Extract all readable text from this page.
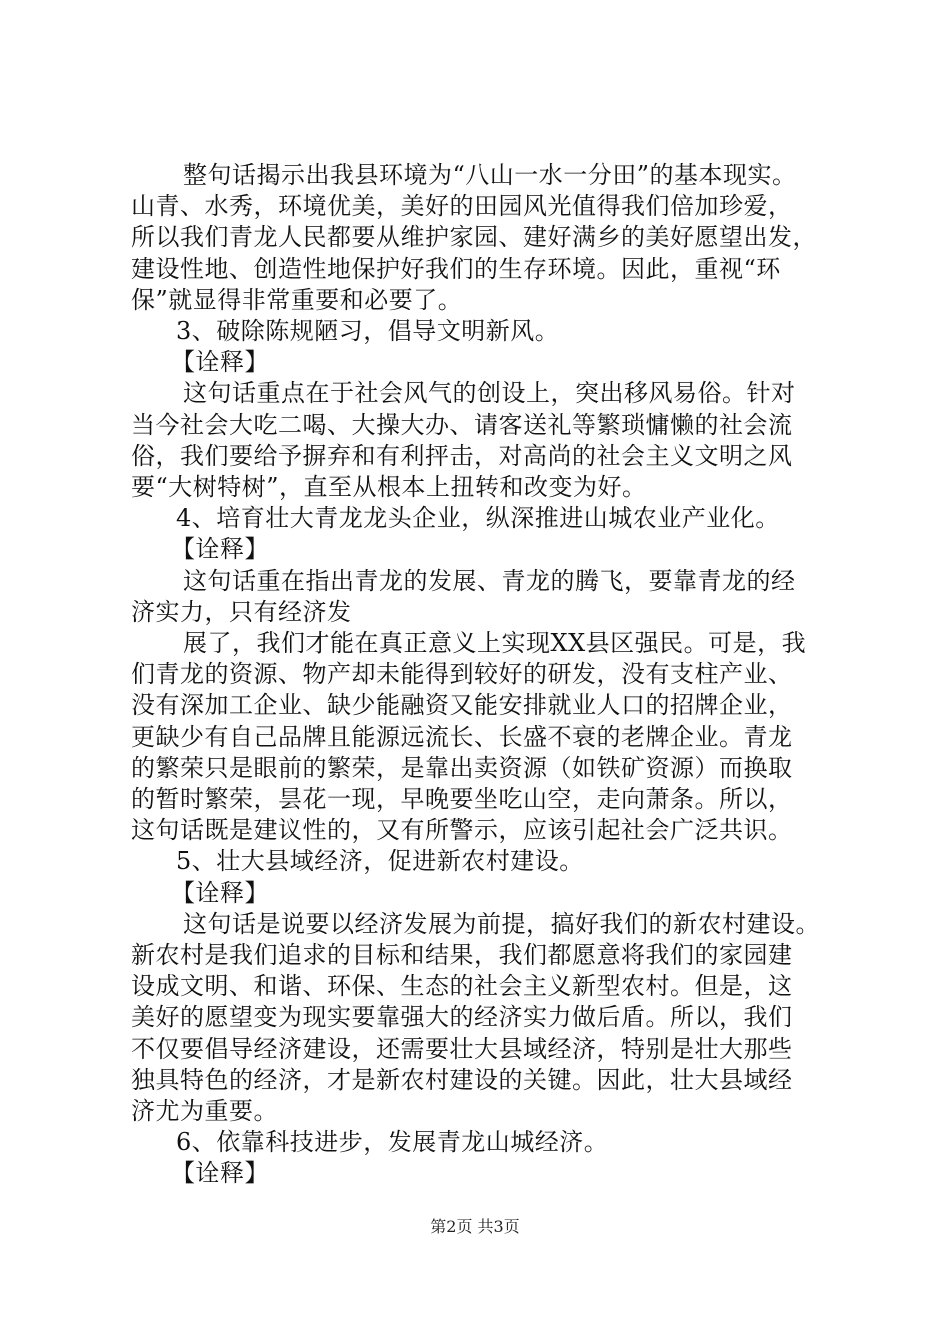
整句话揭示出我县环境为“八山一水一分田”的基本现实。

山青、水秀，环境优美，美好的田园风光值得我们倍加珍爱，

所以我们青龙人民都要从维护家园、建好满乡的美好愿望出发，

建设性地、创造性地保护好我们的生存环境。因此，重视“环

保”就显得非常重要和必要了。

3、破除陈规陋习，倡导文明新风。

【诠释】

这句话重点在于社会风气的创设上，突出移风易俗。针对

当今社会大吃二喝、大操大办、请客送礼等繁琐慵懒的社会流

俗，我们要给予摒弃和有利抨击，对高尚的社会主义文明之风

要“大树特树”，直至从根本上扭转和改变为好。

4、培育壮大青龙龙头企业，纵深推进山城农业产业化。

【诠释】

这句话重在指出青龙的发展、青龙的腾飞，要靠青龙的经

济实力，只有经济发

展了，我们才能在真正意义上实现XX县区强民。可是，我

们青龙的资源、物产却未能得到较好的研发，没有支柱产业、

没有深加工企业、缺少能融资又能安排就业人口的招牌企业，

更缺少有自己品牌且能源远流长、长盛不衰的老牌企业。青龙

的繁荣只是眼前的繁荣，是靠出卖资源（如铁矿资源）而换取

的暂时繁荣，昙花一现，早晚要坐吃山空，走向萧条。所以，

这句话既是建议性的，又有所警示，应该引起社会广泛共识。

5、壮大县域经济，促进新农村建设。

【诠释】

这句话是说要以经济发展为前提，搞好我们的新农村建设。

新农村是我们追求的目标和结果，我们都愿意将我们的家园建

设成文明、和谐、环保、生态的社会主义新型农村。但是，这

美好的愿望变为现实要靠强大的经济实力做后盾。所以，我们

不仅要倡导经济建设，还需要壮大县域经济，特别是壮大那些

独具特色的经济，才是新农村建设的关键。因此，壮大县域经

济尤为重要。

6、依靠科技进步，发展青龙山城经济。

【诠释】

第2页 共3页
